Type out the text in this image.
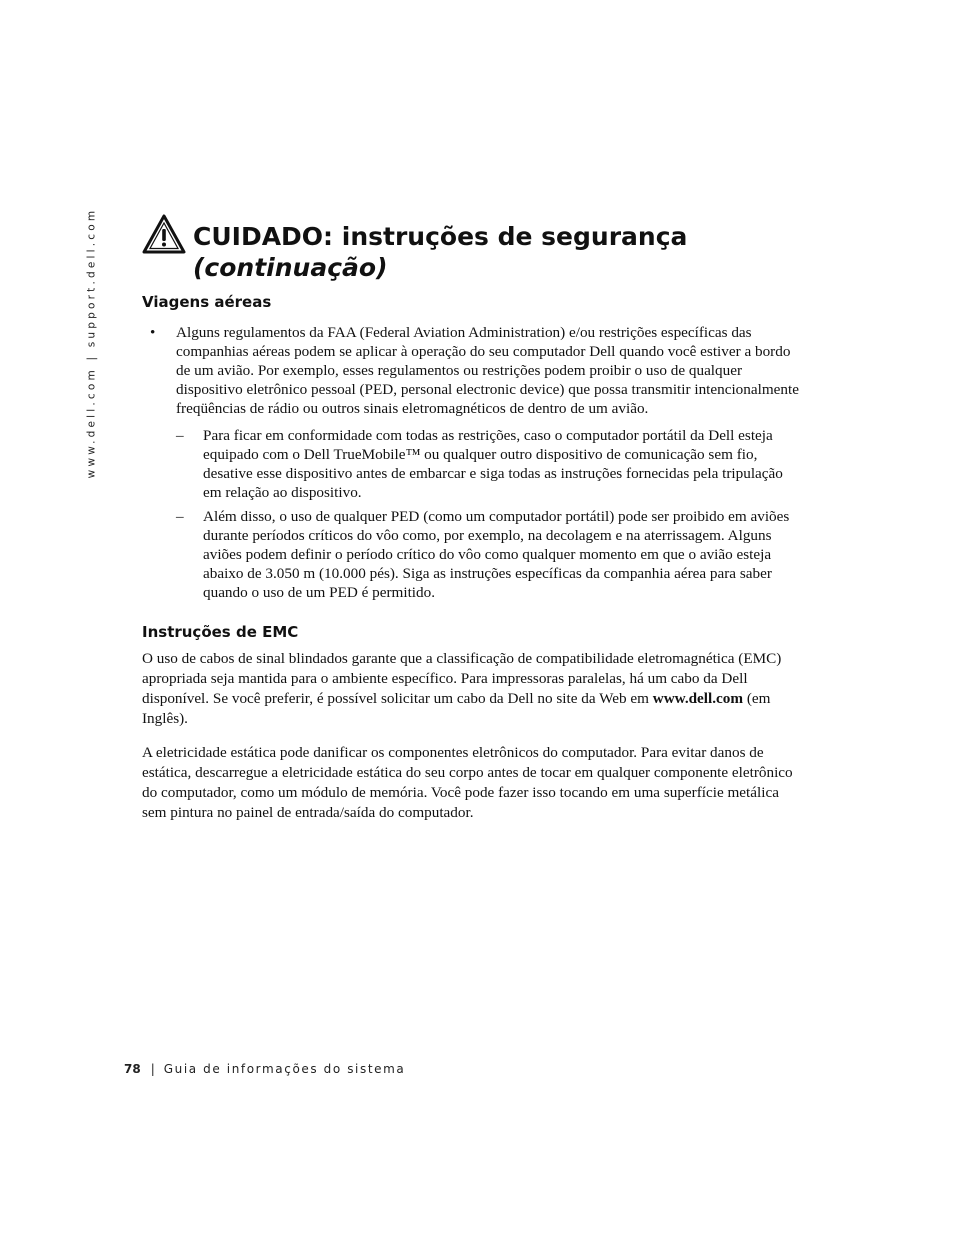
www.dell.com | support.dell.com	CUIDADO: instruções de segurança
(continuação)
Viagens aéreas
• Alguns regulamentos da FAA (Federal Aviation Administration) e/ou restrições específicas das companhias aéreas podem se aplicar à operação do seu computador Dell quando você estiver a bordo de um avião. Por exemplo, esses regulamentos ou restrições podem proibir o uso de qualquer dispositivo eletrônico pessoal (PED, personal electronic device) que possa transmitir intencionalmente freqüências de rádio ou outros sinais eletromagnéticos de dentro de um avião.

– Para ficar em conformidade com todas as restrições, caso o computador portátil da Dell esteja equipado com o Dell TrueMobile™ ou qualquer outro dispositivo de comunicação sem fio, desative esse dispositivo antes de embarcar e siga todas as instruções fornecidas pela tripulação em relação ao dispositivo.

– Além disso, o uso de qualquer PED (como um computador portátil) pode ser proibido em aviões durante períodos críticos do vôo como, por exemplo, na decolagem e na aterrissagem. Alguns aviões podem definir o período crítico do vôo como qualquer momento em que o avião esteja abaixo de 3.050 m (10.000 pés). Siga as instruções específicas da companhia aérea para saber quando o uso de um PED é permitido.

Instruções de EMC

O uso de cabos de sinal blindados garante que a classificação de compatibilidade eletromagnética (EMC) apropriada seja mantida para o ambiente específico. Para impressoras paralelas, há um cabo da Dell disponível. Se você preferir, é possível solicitar um cabo da Dell no site da Web em www.dell.com (em Inglês).

A eletricidade estática pode danificar os componentes eletrônicos do computador. Para evitar danos de estática, descarregue a eletricidade estática do seu corpo antes de tocar em qualquer componente eletrônico do computador, como um módulo de memória. Você pode fazer isso tocando em uma superfície metálica sem pintura no painel de entrada/saída do computador.

78 | Guia de informações do sistema
